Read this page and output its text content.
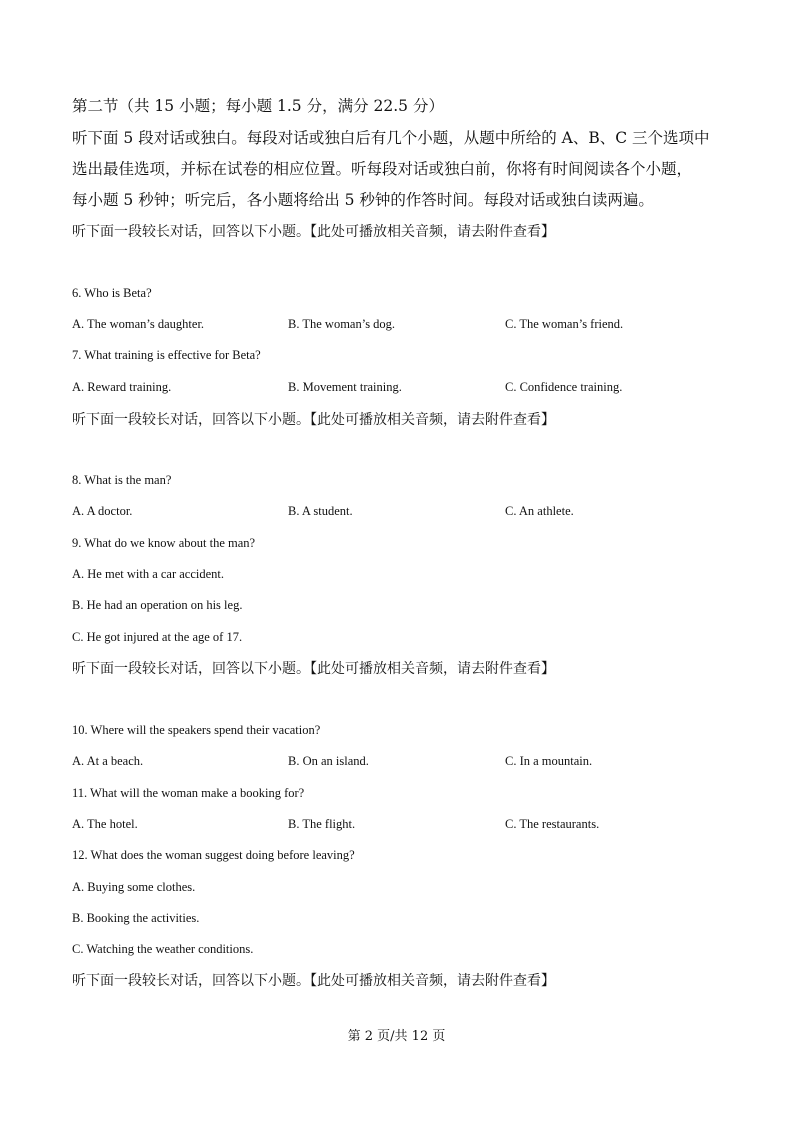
第二节（共 15 小题；每小题 1.5 分，满分 22.5 分）
听下面 5 段对话或独白。每段对话或独白后有几个小题，从题中所给的 A、B、C 三个选项中
选出最佳选项，并标在试卷的相应位置。听每段对话或独白前，你将有时间阅读各个小题，
每小题 5 秒钟；听完后，各小题将给出 5 秒钟的作答时间。每段对话或独白读两遍。
听下面一段较长对话，回答以下小题。【此处可播放相关音频，请去附件查看】
6. Who is Beta?
A. The woman’s daughter.	B. The woman’s dog.	C. The woman’s friend.
7. What training is effective for Beta?
A. Reward training.	B. Movement training.	C. Confidence training.
听下面一段较长对话，回答以下小题。【此处可播放相关音频，请去附件查看】
8. What is the man?
A. A doctor.	B. A student.	C. An athlete.
9. What do we know about the man?
A. He met with a car accident.
B. He had an operation on his leg.
C. He got injured at the age of 17.
听下面一段较长对话，回答以下小题。【此处可播放相关音频，请去附件查看】
10. Where will the speakers spend their vacation?
A. At a beach.	B. On an island.	C. In a mountain.
11. What will the woman make a booking for?
A. The hotel.	B. The flight.	C. The restaurants.
12. What does the woman suggest doing before leaving?
A. Buying some clothes.
B. Booking the activities.
C. Watching the weather conditions.
听下面一段较长对话，回答以下小题。【此处可播放相关音频，请去附件查看】
第 2 页/共 12 页
